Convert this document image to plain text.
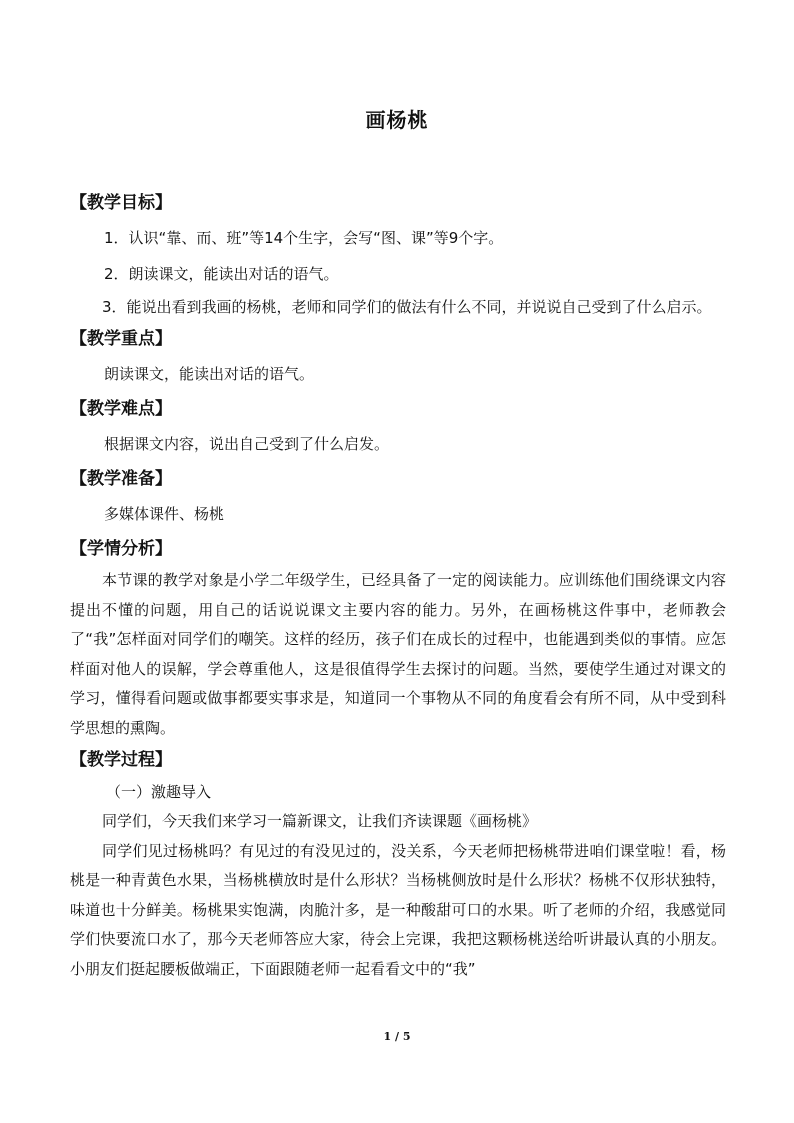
画杨桃
【教学目标】

1．认识“靠、而、班”等14个生字，会写“图、课”等9个字。

2．朗读课文，能读出对话的语气。

3．能说出看到我画的杨桃，老师和同学们的做法有什么不同，并说说自己受到了什么启示。

【教学重点】

朗读课文，能读出对话的语气。

【教学难点】

根据课文内容，说出自己受到了什么启发。

【教学准备】

多媒体课件、杨桃

【学情分析】

本节课的教学对象是小学二年级学生，已经具备了一定的阅读能力。应训练他们围绕课文内容提出不懂的问题，用自己的话说说课文主要内容的能力。另外，在画杨桃这件事中，老师教会了“我”怎样面对同学们的嘲笑。这样的经历，孩子们在成长的过程中，也能遇到类似的事情。应怎样面对他人的误解，学会尊重他人，这是很值得学生去探讨的问题。当然，要使学生通过对课文的学习，懂得看问题或做事都要实事求是，知道同一个事物从不同的角度看会有所不同，从中受到科学思想的熏陶。

【教学过程】

（一）激趣导入

同学们，今天我们来学习一篇新课文，让我们齐读课题《画杨桃》

同学们见过杨桃吗？有见过的有没见过的，没关系，今天老师把杨桃带进咱们课堂啦！看，杨桃是一种青黄色水果，当杨桃横放时是什么形状？当杨桃侧放时是什么形状？杨桃不仅形状独特，味道也十分鲜美。杨桃果实饱满，肉脆汁多，是一种酸甜可口的水果。听了老师的介绍，我感觉同学们快要流口水了，那今天老师答应大家，待会上完课，我把这颗杨桃送给听讲最认真的小朋友。小朋友们挺起腰板做端正，下面跟随老师一起看看文中的“我”

1 / 5
